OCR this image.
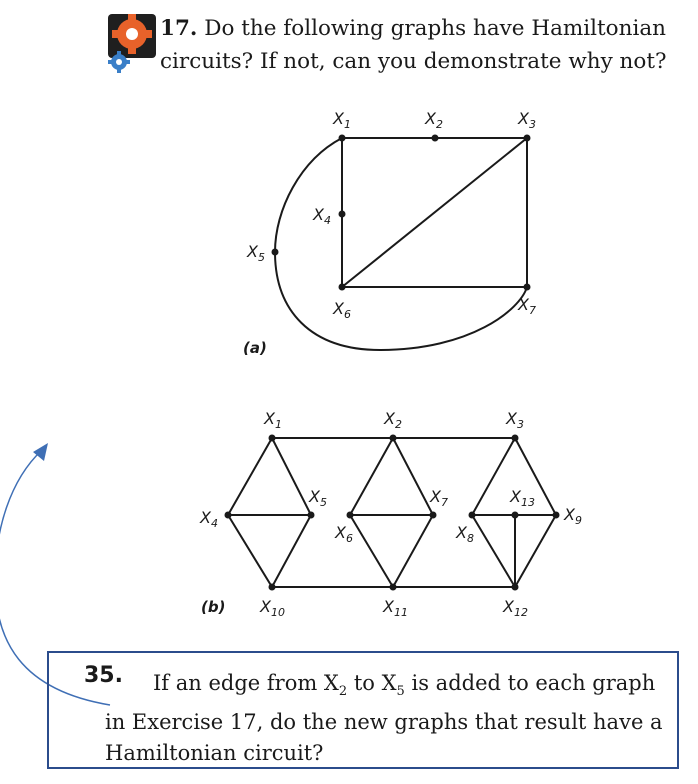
17. Do the following graphs have Hamiltonian
circuits? If not, can you demonstrate why not?
$X_1$	$X_2$	$X_3$
$X_4$
$X_5$
$X_6$
$X_7$
(a)
$X_1$	$X_2$	$X_3$
$X_4$
$X_5$
$X_6$
$X_7$
$X_8$
$X_{13}$
$X_9$
$X_{10}$	$X_{11}$	$X_{12}$
(b)
35.	If an edge from $X_2$ to $X_5$ is added to each graph
in Exercise 17, do the new graphs that result have a
Hamiltonian circuit?
